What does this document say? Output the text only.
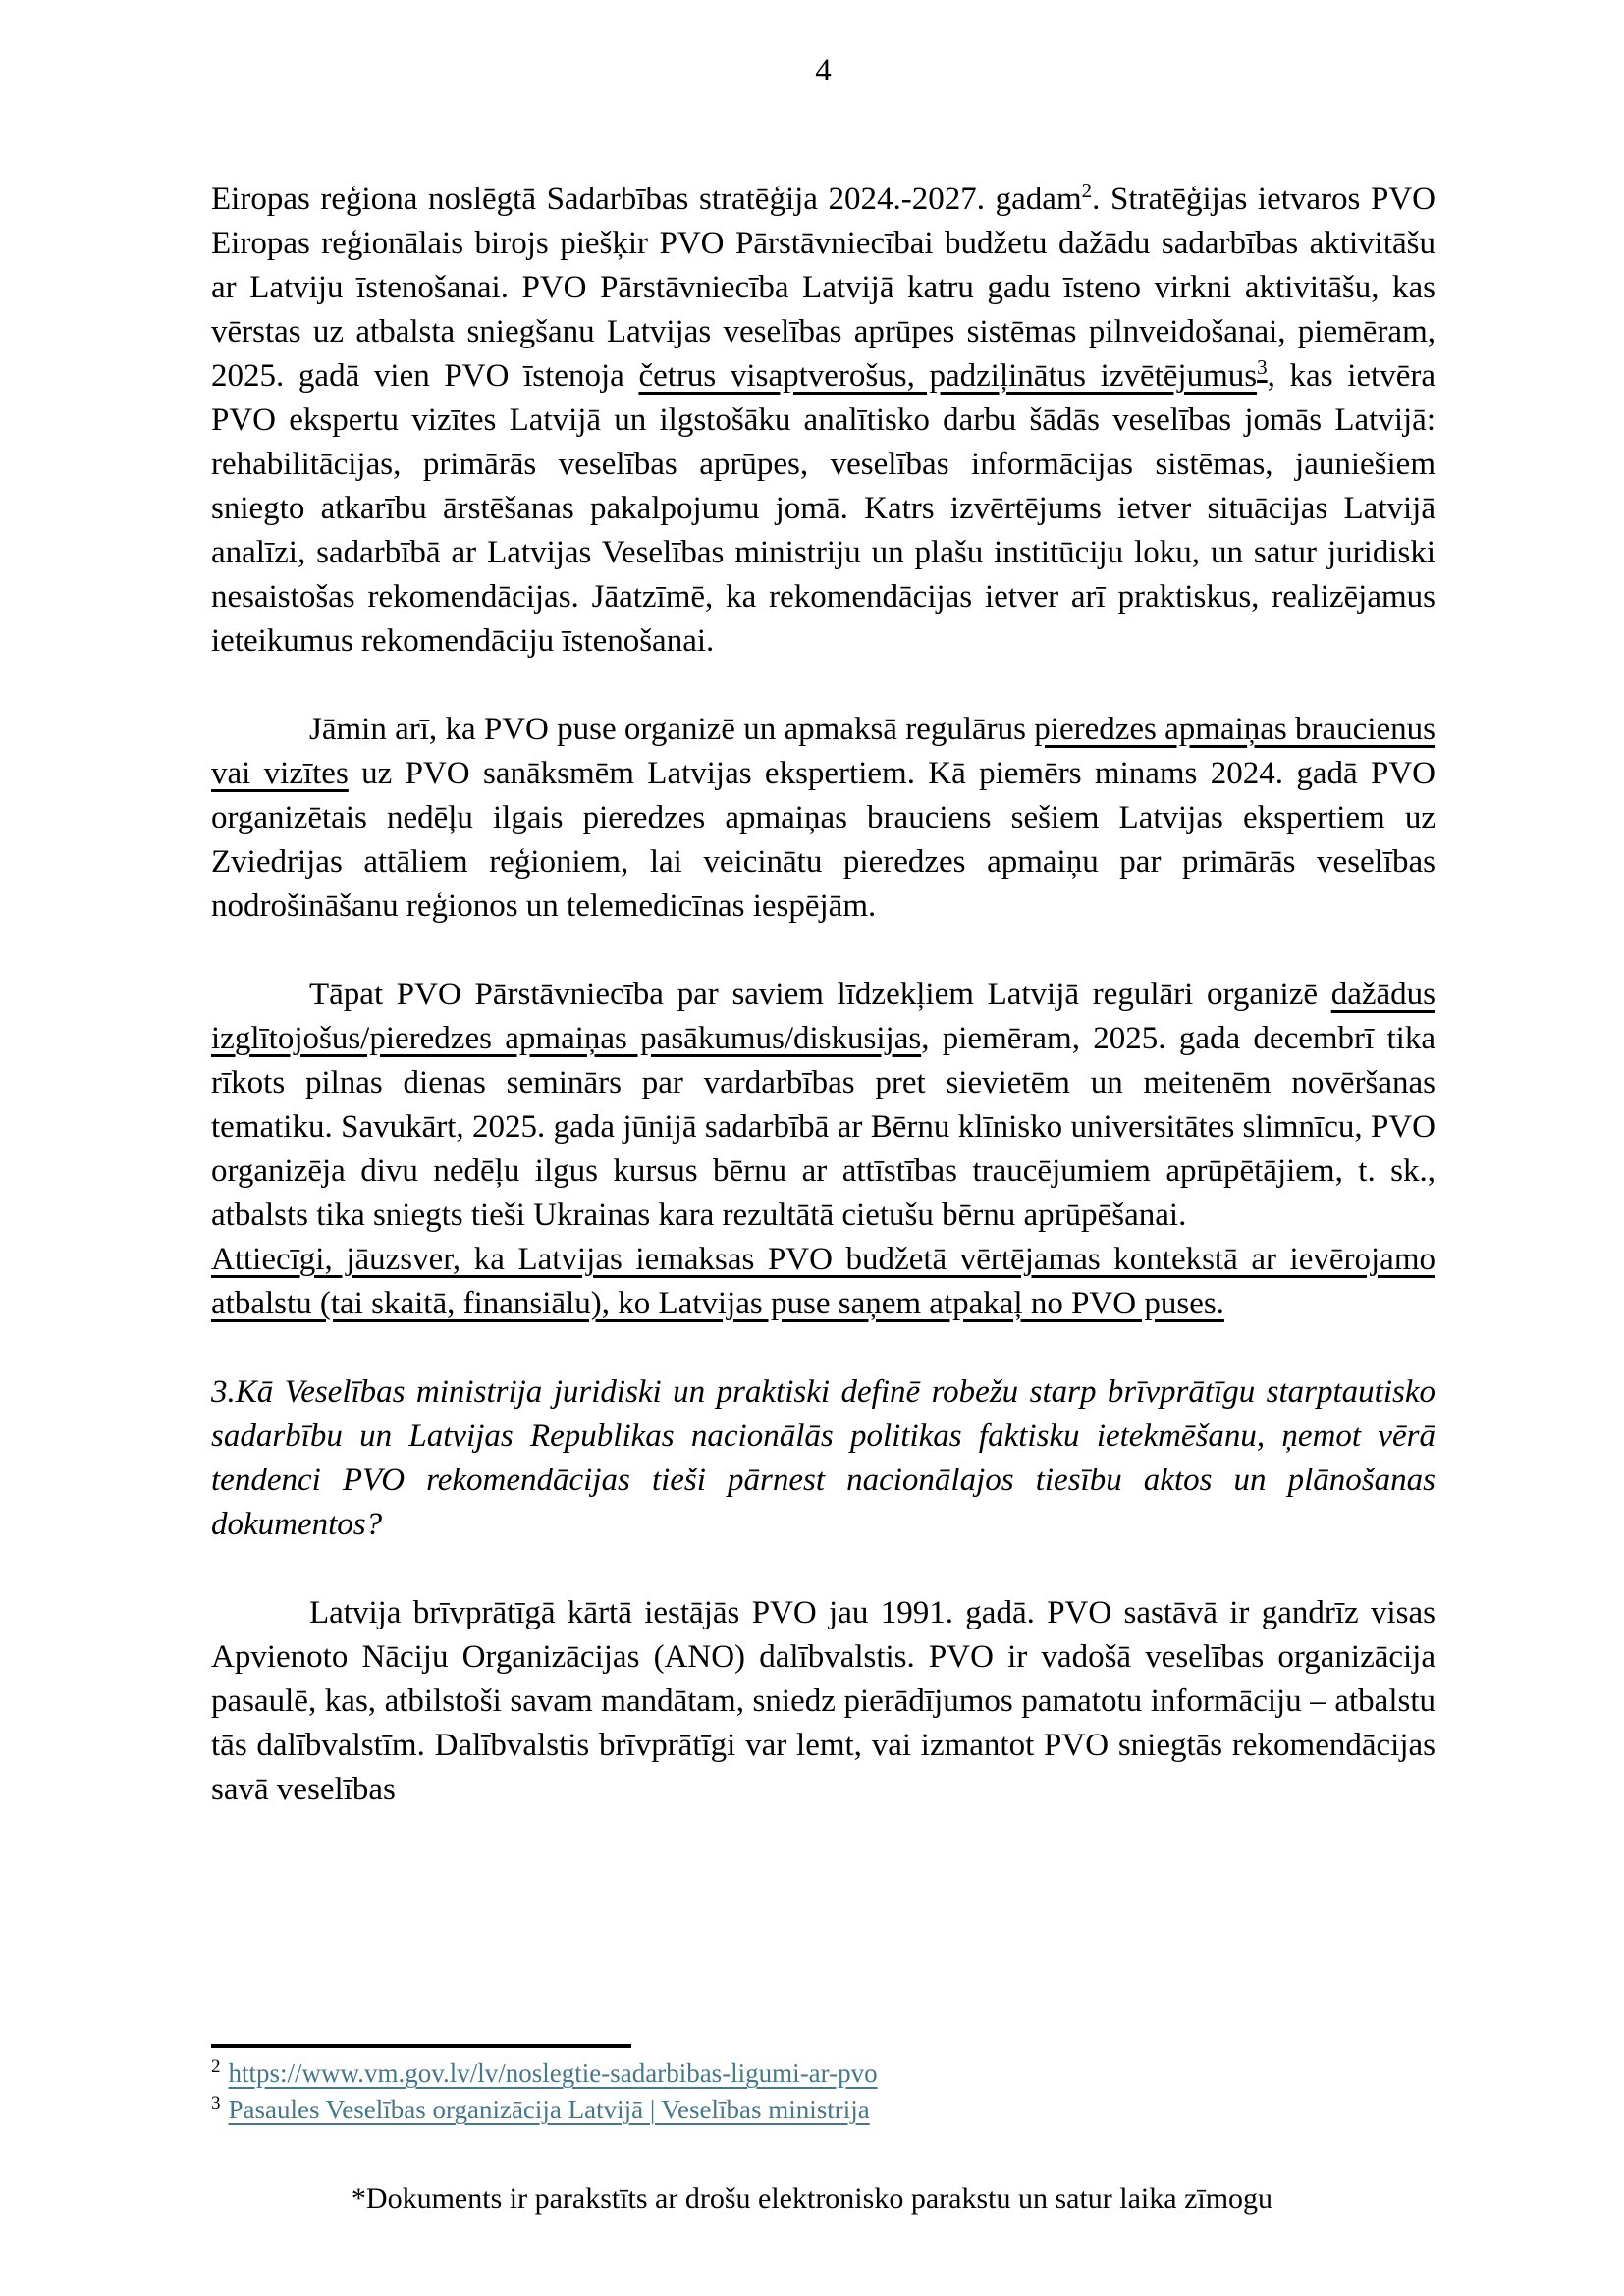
4

Eiropas reģiona noslēgtā Sadarbības stratēģija 2024.-2027. gadam$^2$. Stratēģijas ietvaros PVO Eiropas reģionālais birojs piešķir PVO Pārstāvniecībai budžetu dažādu sadarbības aktivitāšu ar Latviju īstenošanai. PVO Pārstāvniecība Latvijā katru gadu īsteno virkni aktivitāšu, kas vērstas uz atbalsta sniegšanu Latvijas veselības aprūpes sistēmas pilnveidošanai, piemēram, 2025. gadā vien PVO īstenoja četrus visaptverošus, padziļinātus izvētējumus$^3$, kas ietvēra PVO ekspertu vizītes Latvijā un ilgstošāku analītisko darbu šādās veselības jomās Latvijā: rehabilitācijas, primārās veselības aprūpes, veselības informācijas sistēmas, jauniešiem sniegto atkarību ārstēšanas pakalpojumu jomā. Katrs izvērtējums ietver situācijas Latvijā analīzi, sadarbībā ar Latvijas Veselības ministriju un plašu institūciju loku, un satur juridiski nesaistošas rekomendācijas. Jāatzīmē, ka rekomendācijas ietver arī praktiskus, realizējamus ieteikumus rekomendāciju īstenošanai.

Jāmin arī, ka PVO puse organizē un apmaksā regulārus pieredzes apmaiņas braucienus vai vizītes uz PVO sanāksmēm Latvijas ekspertiem. Kā piemērs minams 2024. gadā PVO organizētais nedēļu ilgais pieredzes apmaiņas brauciens sešiem Latvijas ekspertiem uz Zviedrijas attāliem reģioniem, lai veicinātu pieredzes apmaiņu par primārās veselības nodrošināšanu reģionos un telemedicīnas iespējām.

Tāpat PVO Pārstāvniecība par saviem līdzekļiem Latvijā regulāri organizē dažādus izglītojošus/pieredzes apmaiņas pasākumus/diskusijas, piemēram, 2025. gada decembrī tika rīkots pilnas dienas seminārs par vardarbības pret sievietēm un meitenēm novēršanas tematiku. Savukārt, 2025. gada jūnijā sadarbībā ar Bērnu klīnisko universitātes slimnīcu, PVO organizēja divu nedēļu ilgus kursus bērnu ar attīstības traucējumiem aprūpētājiem, t. sk., atbalsts tika sniegts tieši Ukrainas kara rezultātā cietušu bērnu aprūpēšanai.

Attiecīgi, jāuzsver, ka Latvijas iemaksas PVO budžetā vērtējamas kontekstā ar ievērojamo atbalstu (tai skaitā, finansiālu), ko Latvijas puse saņem atpakaļ no PVO puses.

3.Kā Veselības ministrija juridiski un praktiski definē robežu starp brīvprātīgu starptautisko sadarbību un Latvijas Republikas nacionālās politikas faktisku ietekmēšanu, ņemot vērā tendenci PVO rekomendācijas tieši pārnest nacionālajos tiesību aktos un plānošanas dokumentos?

Latvija brīvprātīgā kārtā iestājās PVO jau 1991. gadā. PVO sastāvā ir gandrīz visas Apvienoto Nāciju Organizācijas (ANO) dalībvalstis. PVO ir vadošā veselības organizācija pasaulē, kas, atbilstoši savam mandātam, sniedz pierādījumos pamatotu informāciju – atbalstu tās dalībvalstīm. Dalībvalstis brīvprātīgi var lemt, vai izmantot PVO sniegtās rekomendācijas savā veselības

$^2$ https://www.vm.gov.lv/lv/noslegtie-sadarbibas-ligumi-ar-pvo
$^3$ Pasaules Veselības organizācija Latvijā | Veselības ministrija
*Dokuments ir parakstīts ar drošu elektronisko parakstu un satur laika zīmogu
